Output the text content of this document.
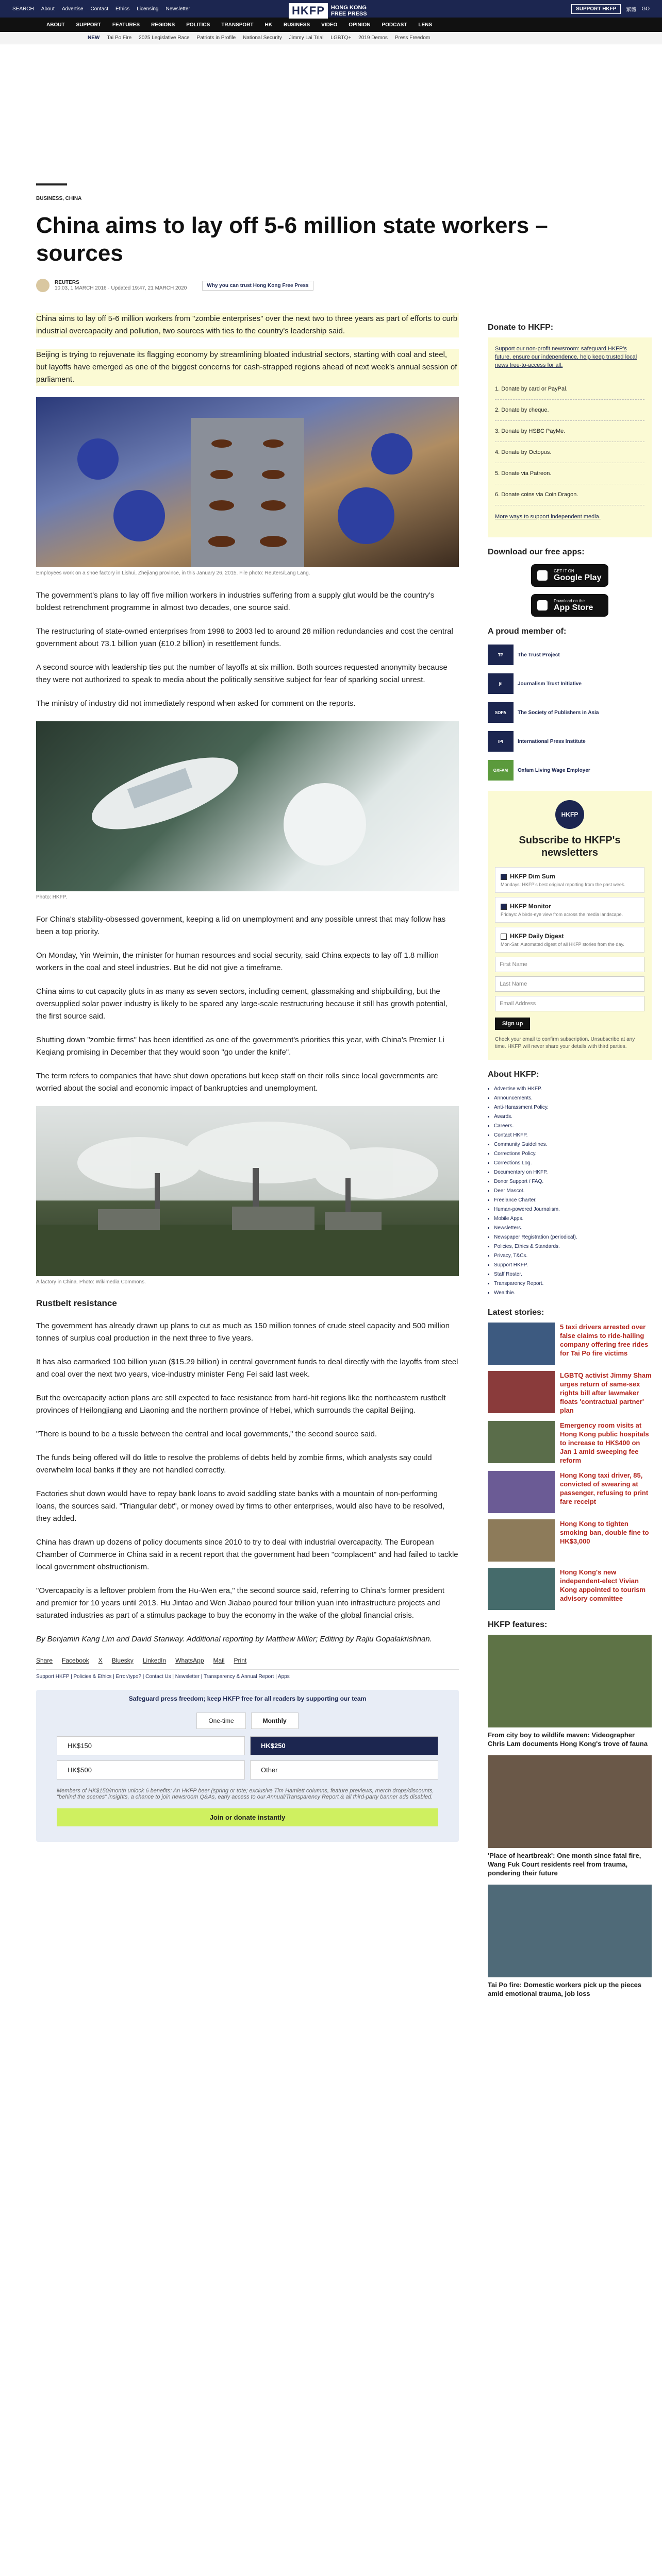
SEARCH About Advertise Contact Ethics Licensing Newsletter	HKFP	HONG KONG
FREE PRESS
SUPPORT HKFP	繁體 GO
ABOUT SUPPORT FEATURES REGIONS POLITICS TRANSPORT HK BUSINESS VIDEO OPINION PODCAST LENS
NEW Tai Po Fire 2025 Legislative Race Patriots in Profile National Security Jimmy Lai Trial LGBTQ+ 2019 Demos Press Freedom
BUSINESS, CHINA
China aims to lay off 5-6 million state workers – sources
REUTERS
10:03, 1 MARCH 2016 · Updated 19:47, 21 MARCH 2020	Why you can trust Hong Kong Free Press

China aims to lay off 5-6 million workers from "zombie enterprises" over the next two to three years as part of efforts to curb industrial overcapacity and pollution, two sources with ties to the country's leadership said.

Beijing is trying to rejuvenate its flagging economy by streamlining bloated industrial sectors, starting with coal and steel, but layoffs have emerged as one of the biggest concerns for cash-strapped regions ahead of next week's annual session of parliament.

Employees work on a shoe factory in Lishui, Zhejiang province, in this January 26, 2015. File photo: Reuters/Lang Lang.

The government's plans to lay off five million workers in industries suffering from a supply glut would be the country's boldest retrenchment programme in almost two decades, one source said.

The restructuring of state-owned enterprises from 1998 to 2003 led to around 28 million redundancies and cost the central government about 73.1 billion yuan (£10.2 billion) in resettlement funds.

A second source with leadership ties put the number of layoffs at six million. Both sources requested anonymity because they were not authorized to speak to media about the politically sensitive subject for fear of sparking social unrest.

The ministry of industry did not immediately respond when asked for comment on the reports.

Photo: HKFP.

For China's stability-obsessed government, keeping a lid on unemployment and any possible unrest that may follow has been a top priority.

On Monday, Yin Weimin, the minister for human resources and social security, said China expects to lay off 1.8 million workers in the coal and steel industries. But he did not give a timeframe.

China aims to cut capacity gluts in as many as seven sectors, including cement, glassmaking and shipbuilding, but the oversupplied solar power industry is likely to be spared any large-scale restructuring because it still has growth potential, the first source said.

Shutting down "zombie firms" has been identified as one of the government's priorities this year, with China's Premier Li Keqiang promising in December that they would soon "go under the knife".

The term refers to companies that have shut down operations but keep staff on their rolls since local governments are worried about the social and economic impact of bankruptcies and unemployment.

A factory in China. Photo: Wikimedia Commons.
Rustbelt resistance

The government has already drawn up plans to cut as much as 150 million tonnes of crude steel capacity and 500 million tonnes of surplus coal production in the next three to five years.

It has also earmarked 100 billion yuan ($15.29 billion) in central government funds to deal directly with the layoffs from steel and coal over the next two years, vice-industry minister Feng Fei said last week.

But the overcapacity action plans are still expected to face resistance from hard-hit regions like the northeastern rustbelt provinces of Heilongjiang and Liaoning and the northern province of Hebei, which surrounds the capital Beijing.

"There is bound to be a tussle between the central and local governments," the second source said.

The funds being offered will do little to resolve the problems of debts held by zombie firms, which analysts say could overwhelm local banks if they are not handled correctly.

Factories shut down would have to repay bank loans to avoid saddling state banks with a mountain of non-performing loans, the sources said. "Triangular debt", or money owed by firms to other enterprises, would also have to be resolved, they added.

China has drawn up dozens of policy documents since 2010 to try to deal with industrial overcapacity. The European Chamber of Commerce in China said in a recent report that the government had been "complacent" and had failed to tackle local government obstructionism.

"Overcapacity is a leftover problem from the Hu-Wen era," the second source said, referring to China's former president and premier for 10 years until 2013. Hu Jintao and Wen Jiabao poured four trillion yuan into infrastructure projects and saturated industries as part of a stimulus package to buy the economy in the wake of the global financial crisis.

By Benjamin Kang Lim and David Stanway. Additional reporting by Matthew Miller; Editing by Rajiu Gopalakrishnan.

Share Facebook X Bluesky LinkedIn WhatsApp Mail Print
Support HKFP | Policies & Ethics | Error/typo? | Contact Us | Newsletter | Transparency & Annual Report | Apps
Safeguard press freedom; keep HKFP free for all readers by supporting our team
One-time	Monthly
HK$150	HK$250
HK$500	Other
Members of HK$150/month unlock 6 benefits: An HKFP beer (spring or tote; exclusive Tim Hamlett columns, feature previews, merch drops/discounts, "behind the scenes" insights, a chance to join newsroom Q&As, early access to our Annual/Transparency Report & all third-party banner ads disabled.
Join or donate instantly
Donate to HKFP:
Support our non-profit newsroom: safeguard HKFP's future, ensure our independence, help keep trusted local news free-to-access for all.
1. Donate by card or PayPal.
2. Donate by cheque.
3. Donate by HSBC PayMe.
4. Donate by Octopus.
5. Donate via Patreon.
6. Donate coins via Coin Dragon.
More ways to support independent media.
Download our free apps:
GET IT ON
Google Play
Download on the
App Store
A proud member of:
TP	The Trust Project
jti	Journalism Trust Initiative
SOPA	The Society of Publishers in Asia
IPI	International Press Institute
OXFAM	Oxfam Living Wage Employer
HKFP
Subscribe to HKFP's newsletters
HKFP Dim Sum
Mondays: HKFP's best original reporting from the past week.
HKFP Monitor
Fridays: A birds-eye view from across the media landscape.
HKFP Daily Digest
Mon-Sat: Automated digest of all HKFP stories from the day.
First Name
Last Name
Email Address
Sign up
Check your email to confirm subscription. Unsubscribe at any time. HKFP will never share your details with third parties.
About HKFP:
• Advertise with HKFP.
• Announcements.
• Anti-Harassment Policy.
• Awards.
• Careers.
• Contact HKFP.
• Community Guidelines.
• Corrections Policy.
• Corrections Log.
• Documentary on HKFP.
• Donor Support / FAQ.
• Deer Mascot.
• Freelance Charter.
• Human-powered Journalism.
• Mobile Apps.
• Newsletters.
• Newspaper Registration (periodical).
• Policies, Ethics & Standards.
• Privacy, T&Cs.
• Support HKFP.
• Staff Roster.
• Transparency Report.
• Wealthie.
Latest stories:
5 taxi drivers arrested over false claims to ride-hailing company offering free rides for Tai Po fire victims
LGBTQ activist Jimmy Sham urges return of same-sex rights bill after lawmaker floats 'contractual partner' plan
Emergency room visits at Hong Kong public hospitals to increase to HK$400 on Jan 1 amid sweeping fee reform
Hong Kong taxi driver, 85, convicted of swearing at passenger, refusing to print fare receipt
Hong Kong to tighten smoking ban, double fine to HK$3,000
Hong Kong's new independent-elect Vivian Kong appointed to tourism advisory committee
HKFP features:
From city boy to wildlife maven: Videographer Chris Lam documents Hong Kong's trove of fauna
'Place of heartbreak': One month since fatal fire, Wang Fuk Court residents reel from trauma, pondering their future
Tai Po fire: Domestic workers pick up the pieces amid emotional trauma, job loss
